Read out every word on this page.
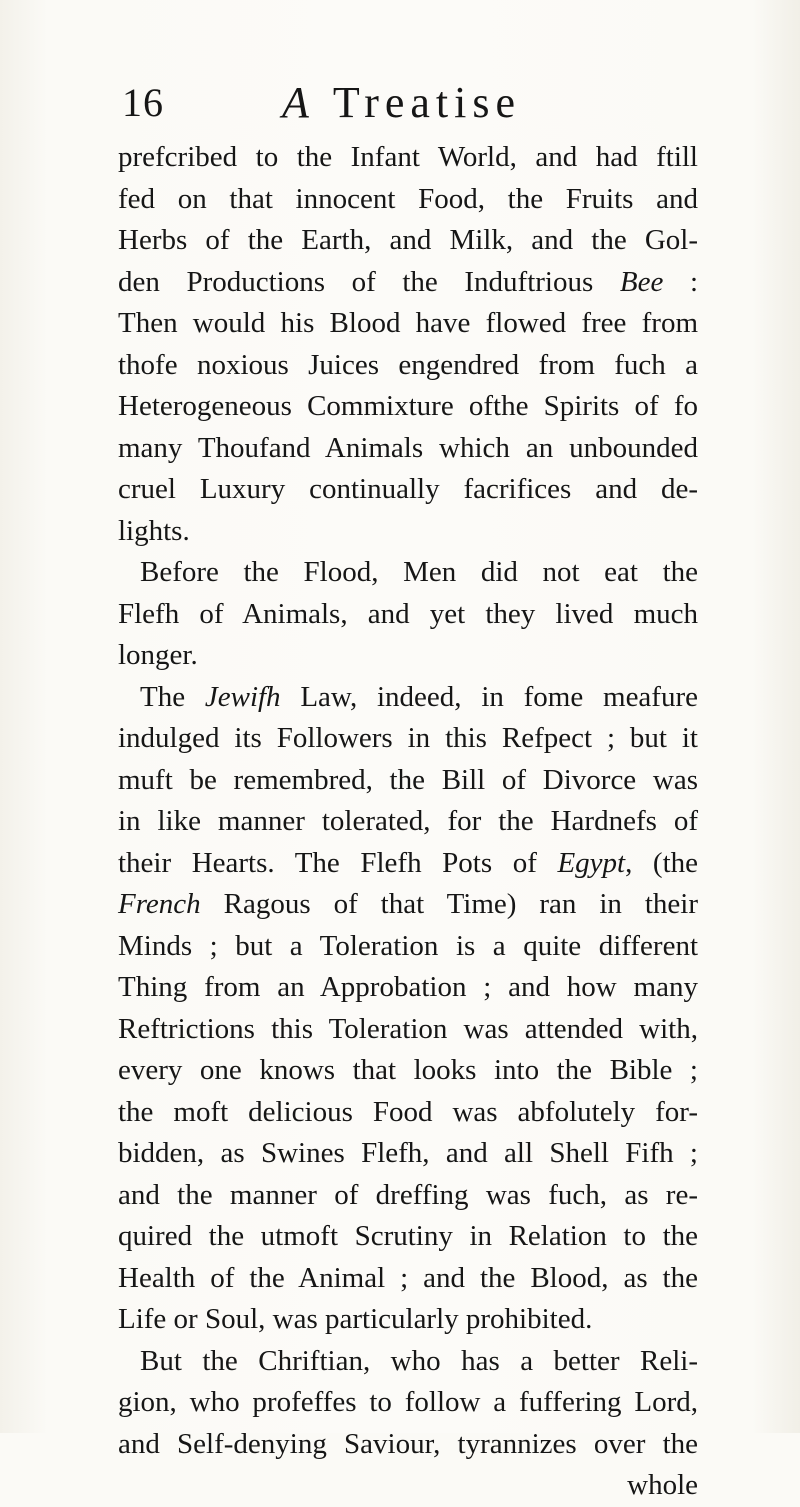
16	A Treatise
prefcribed to the Infant World, and had ftill
fed on that innocent Food, the Fruits and
Herbs of the Earth, and Milk, and the Gol-
den Productions of the Induftrious Bee :
Then would his Blood have flowed free from
thofe noxious Juices engendred from fuch a
Heterogeneous Commixture ofthe Spirits of fo
many Thoufand Animals which an unbounded
cruel Luxury continually facrifices and de-
lights.
Before the Flood, Men did not eat the
Flefh of Animals, and yet they lived much
longer.
The Jewifh Law, indeed, in fome meafure
indulged its Followers in this Refpect ; but it
muft be remembred, the Bill of Divorce was
in like manner tolerated, for the Hardnefs of
their Hearts. The Flefh Pots of Egypt, (the
French Ragous of that Time) ran in their
Minds ; but a Toleration is a quite different
Thing from an Approbation ; and how many
Reftrictions this Toleration was attended with,
every one knows that looks into the Bible ;
the moft delicious Food was abfolutely for-
bidden, as Swines Flefh, and all Shell Fifh ;
and the manner of dreffing was fuch, as re-
quired the utmoft Scrutiny in Relation to the
Health of the Animal ; and the Blood, as the
Life or Soul, was particularly prohibited.
But the Chriftian, who has a better Reli-
gion, who profeffes to follow a fuffering Lord,
and Self-denying Saviour, tyrannizes over the
whole
